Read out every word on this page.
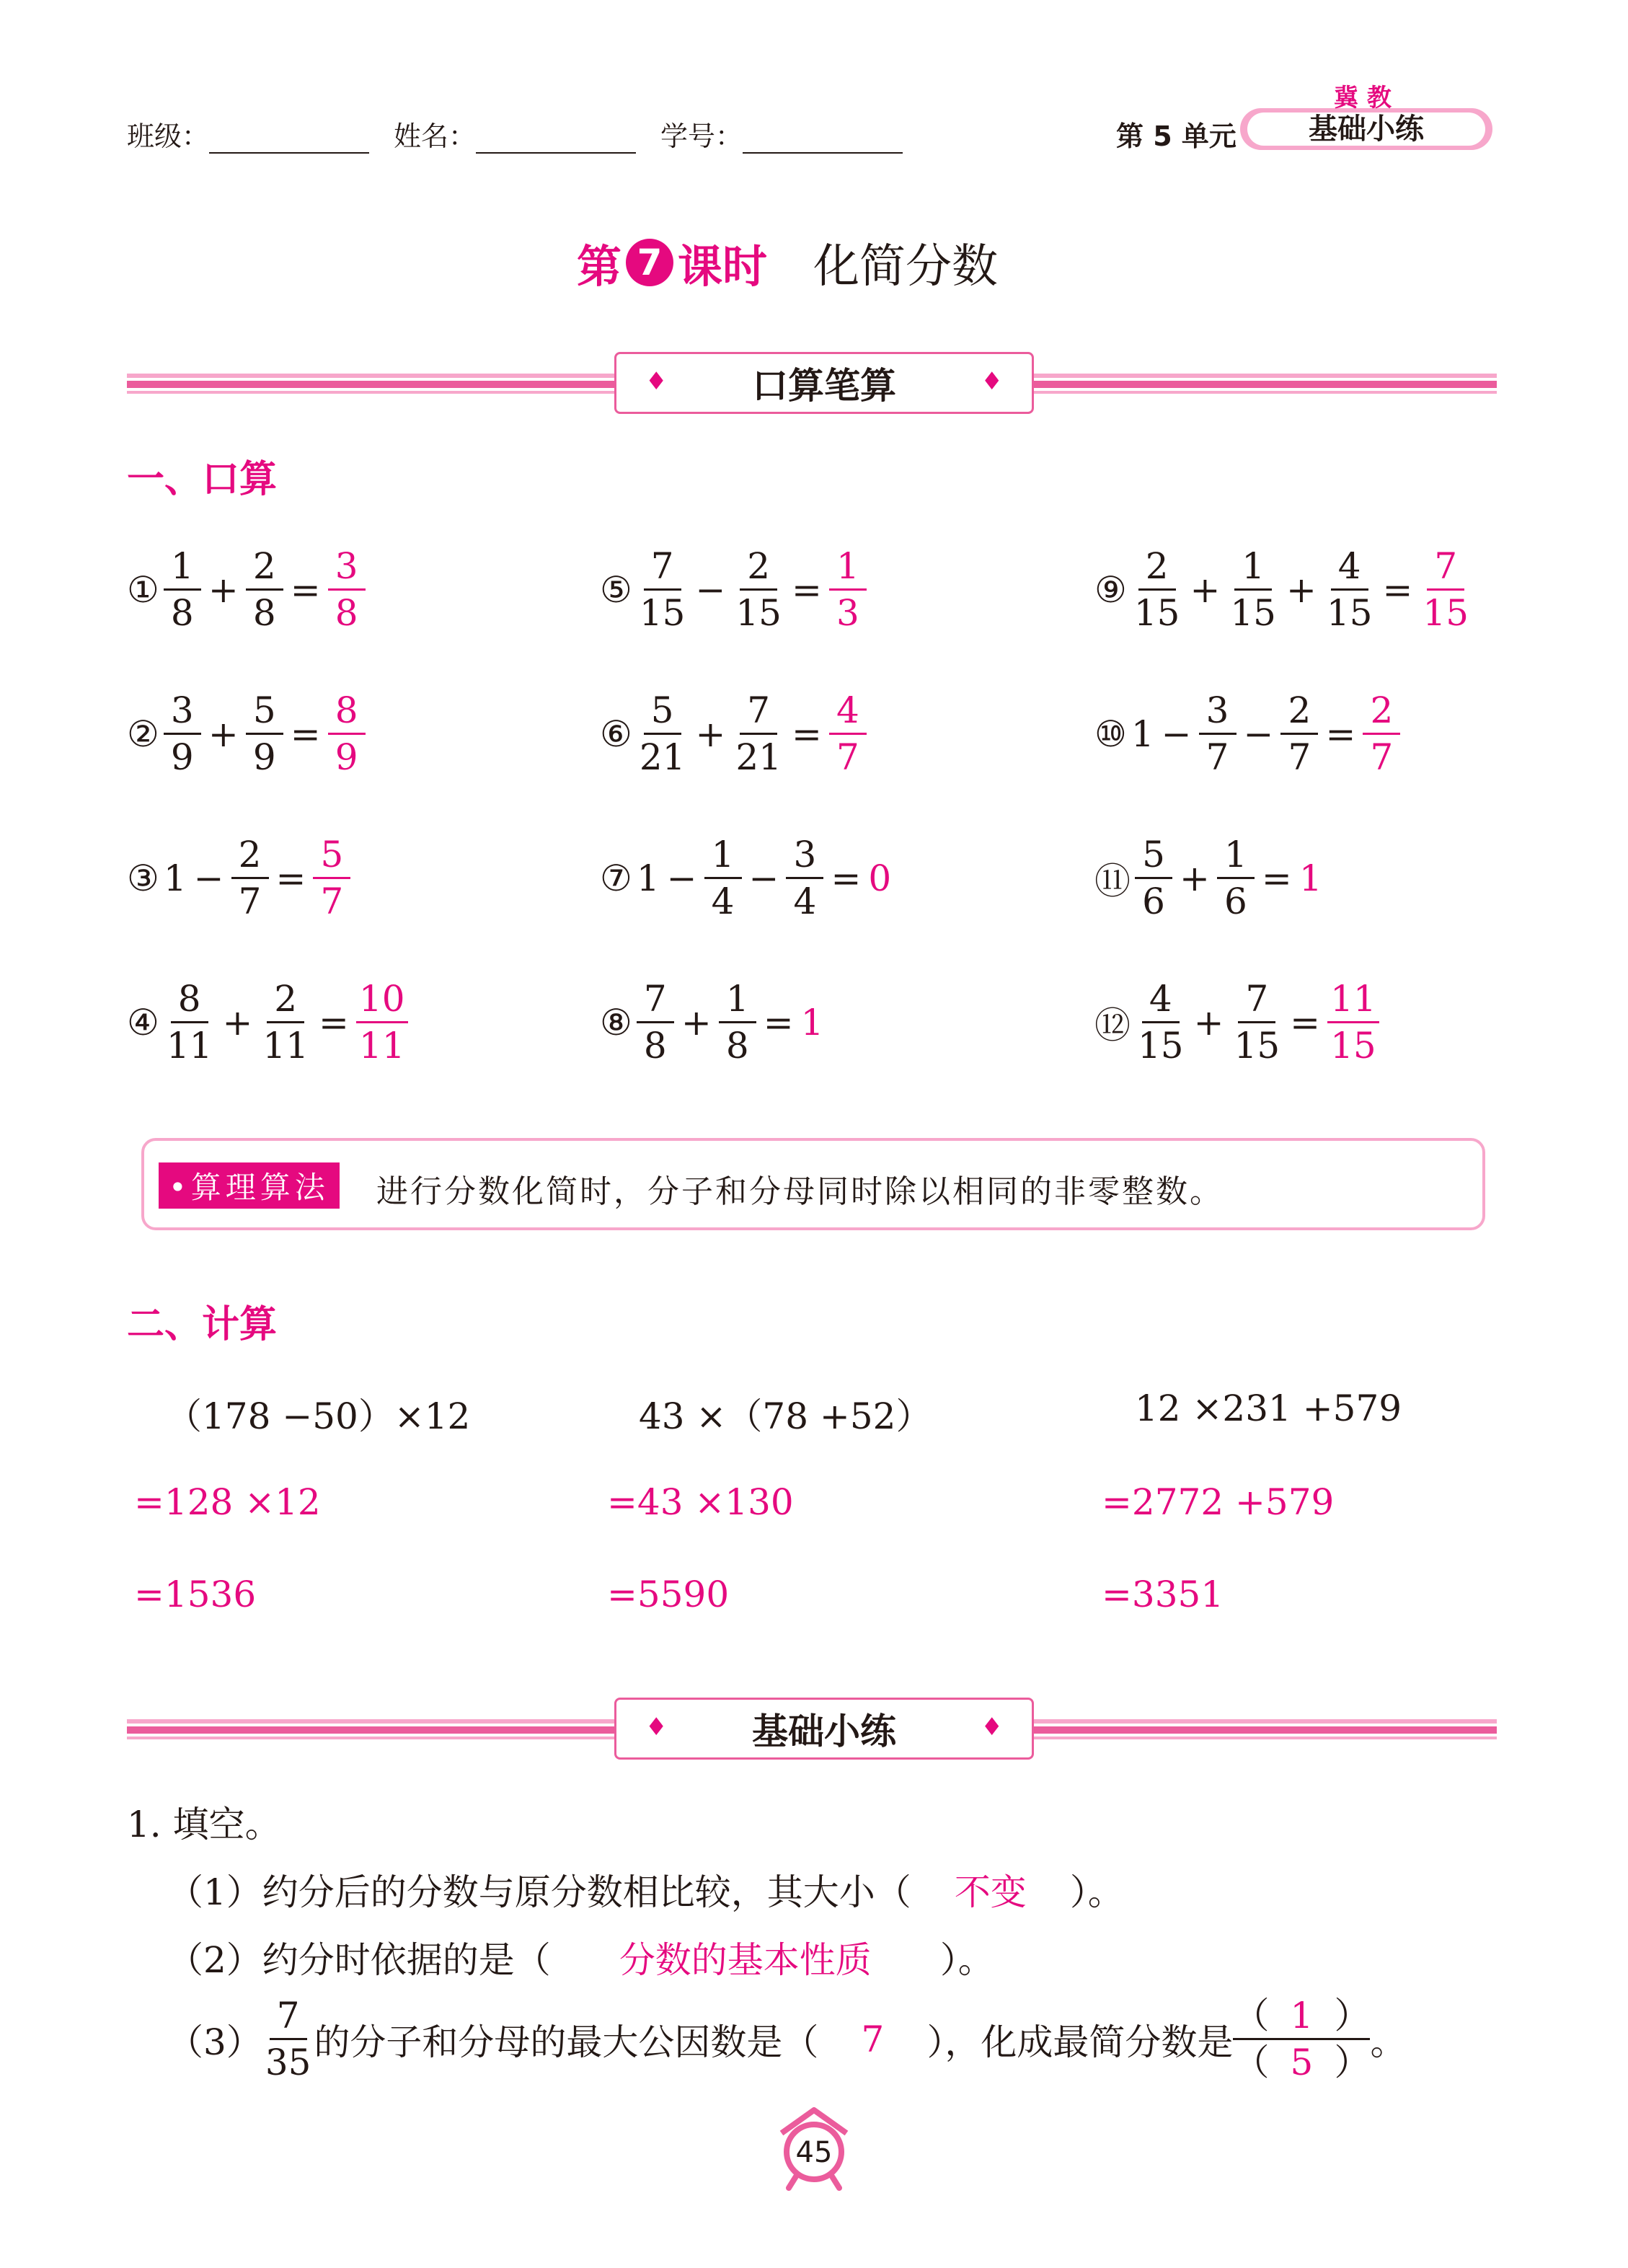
班级：	姓名：	学号：	第 5 单元	基础小练
冀 教
第 7 课时 化简分数
♦ 口算笔算	♦
一、口算
① $\frac{1}{8} + \frac{2}{8} = \frac{3}{8}$
② $\frac{3}{9} + \frac{5}{9} = \frac{8}{9}$
③ $1 - \frac{2}{7} = \frac{5}{7}$
④ $\frac{8}{11} + \frac{2}{11} = \frac{10}{11}$
⑤ $\frac{7}{15} - \frac{2}{15} = \frac{1}{3}$
⑥ $\frac{5}{21} + \frac{7}{21} = \frac{4}{7}$
⑦ $1 - \frac{1}{4} - \frac{3}{4} = 0$
⑧ $\frac{7}{8} + \frac{1}{8} = 1$
⑨ $\frac{2}{15} + \frac{1}{15} + \frac{4}{15} = \frac{7}{15}$
⑩ $1 - \frac{3}{7} - \frac{2}{7} = \frac{2}{7}$
⑪ $\frac{5}{6} + \frac{1}{6} = 1$
⑫ $\frac{4}{15} + \frac{7}{15} = \frac{11}{15}$
•算理算法	进行分数化简时，分子和分母同时除以相同的非零整数。
二、计算
（178 −50）×12
=128 ×12
=1536
43 ×（78 +52）
=43 ×130
=5590
12 ×231 +579
=2772 +579
=3351
♦ 基础小练	♦
1. 填空。
（1）约分后的分数与原分数相比较，其大小（ 不变 ）。
（2）约分时依据的是（ 分数的基本性质 ）。
$(3) \frac{7}{35}$ 的分子和分母的最大公因数是（	7	），化成最简分数是
（ 1 ）
（ 5 ） 。
45
